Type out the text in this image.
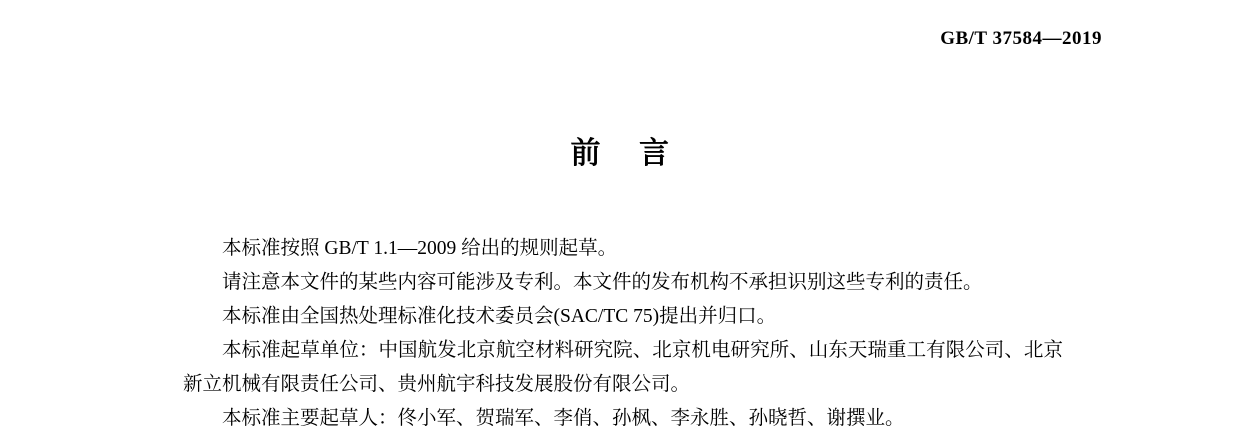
GB/T 37584—2019
前 言

本标准按照 GB/T 1.1—2009 给出的规则起草。

请注意本文件的某些内容可能涉及专利。本文件的发布机构不承担识别这些专利的责任。

本标准由全国热处理标准化技术委员会(SAC/TC 75)提出并归口。

本标准起草单位：中国航发北京航空材料研究院、北京机电研究所、山东天瑞重工有限公司、北京新立机械有限责任公司、贵州航宇科技发展股份有限公司。

本标准主要起草人：佟小军、贺瑞军、李俏、孙枫、李永胜、孙晓哲、谢撰业。
